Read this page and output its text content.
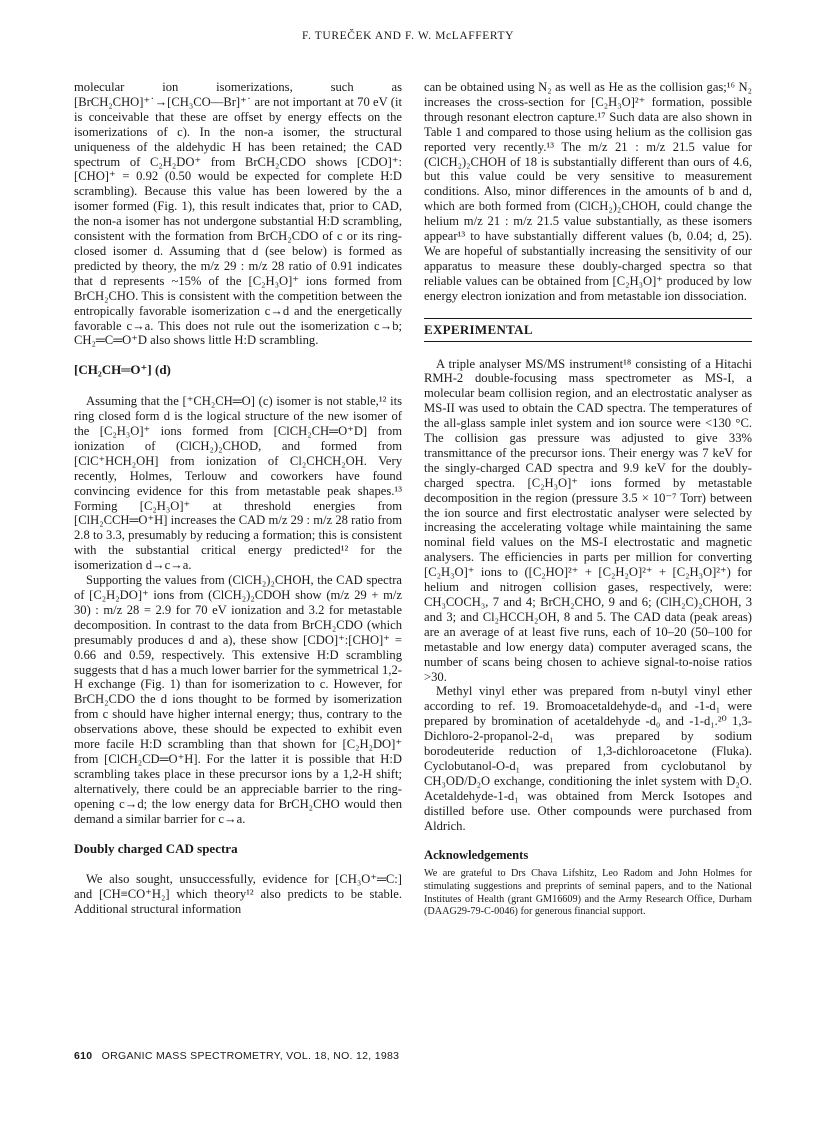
F. TUREČEK AND F. W. McLAFFERTY

molecular ion isomerizations, such as [BrCH₂CHO]⁺˙→[CH₃CO—Br]⁺˙ are not important at 70 eV (it is conceivable that these are offset by energy effects on the isomerizations of c). In the non-a isomer, the structural uniqueness of the aldehydic H has been retained; the CAD spectrum of C₂H₂DO⁺ from BrCH₂CDO shows [CDO]⁺:[CHO]⁺ = 0.92 (0.50 would be expected for complete H:D scrambling). Because this value has been lowered by the a isomer formed (Fig. 1), this result indicates that, prior to CAD, the non-a isomer has not undergone substantial H:D scrambling, consistent with the formation from BrCH₂CDO of c or its ring-closed isomer d. Assuming that d (see below) is formed as predicted by theory, the m/z 29 : m/z 28 ratio of 0.91 indicates that d represents ~15% of the [C₂H₃O]⁺ ions formed from BrCH₂CHO. This is consistent with the competition between the entropically favorable isomerization c→d and the energetically favorable c→a. This does not rule out the isomerization c→b; CH₂═C═O⁺D also shows little H:D scrambling.

[CH₂CH═O⁺] (d)

Assuming that the [⁺CH₂CH═O] (c) isomer is not stable,¹² its ring closed form d is the logical structure of the new isomer of the [C₂H₃O]⁺ ions formed from [ClCH₂CH═O⁺D] from ionization of (ClCH₂)₂CHOD, and formed from [ClC⁺HCH₂OH] from ionization of Cl₂CHCH₂OH. Very recently, Holmes, Terlouw and coworkers have found convincing evidence for this from metastable peak shapes.¹³ Forming [C₂H₃O]⁺ at threshold energies from [ClH₂CCH═O⁺H] increases the CAD m/z 29 : m/z 28 ratio from 2.8 to 3.3, presumably by reducing a formation; this is consistent with the substantial critical energy predicted¹² for the isomerization d→c→a.

Supporting the values from (ClCH₂)₂CHOH, the CAD spectra of [C₂H₂DO]⁺ ions from (ClCH₂)₂CDOH show (m/z 29 + m/z 30) : m/z 28 = 2.9 for 70 eV ionization and 3.2 for metastable decomposition. In contrast to the data from BrCH₂CDO (which presumably produces d and a), these show [CDO]⁺:[CHO]⁺ = 0.66 and 0.59, respectively. This extensive H:D scrambling suggests that d has a much lower barrier for the symmetrical 1,2-H exchange (Fig. 1) than for isomerization to c. However, for BrCH₂CDO the d ions thought to be formed by isomerization from c should have higher internal energy; thus, contrary to the observations above, these should be expected to exhibit even more facile H:D scrambling than that shown for [C₂H₂DO]⁺ from [ClCH₂CD═O⁺H]. For the latter it is possible that H:D scrambling takes place in these precursor ions by a 1,2-H shift; alternatively, there could be an appreciable barrier to the ring-opening c→d; the low energy data for BrCH₂CHO would then demand a similar barrier for c→a.

Doubly charged CAD spectra

We also sought, unsuccessfully, evidence for [CH₃O⁺═C:] and [CH≡CO⁺H₂] which theory¹² also predicts to be stable. Additional structural information

can be obtained using N₂ as well as He as the collision gas;¹⁶ N₂ increases the cross-section for [C₂H₃O]²⁺ formation, possible through resonant electron capture.¹⁷ Such data are also shown in Table 1 and compared to those using helium as the collision gas reported very recently.¹³ The m/z 21 : m/z 21.5 value for (ClCH₂)₂CHOH of 18 is substantially different than ours of 4.6, but this value could be very sensitive to measurement conditions. Also, minor differences in the amounts of b and d, which are both formed from (ClCH₂)₂CHOH, could change the helium m/z 21 : m/z 21.5 value substantially, as these isomers appear¹³ to have substantially different values (b, 0.04; d, 25). We are hopeful of substantially increasing the sensitivity of our apparatus to measure these doubly-charged spectra so that reliable values can be obtained from [C₂H₃O]⁺ produced by low energy electron ionization and from metastable ion dissociation.

EXPERIMENTAL

A triple analyser MS/MS instrument¹⁸ consisting of a Hitachi RMH-2 double-focusing mass spectrometer as MS-I, a molecular beam collision region, and an electrostatic analyser as MS-II was used to obtain the CAD spectra. The temperatures of the all-glass sample inlet system and ion source were <130 °C. The collision gas pressure was adjusted to give 33% transmittance of the precursor ions. Their energy was 7 keV for the singly-charged CAD spectra and 9.9 keV for the doubly-charged spectra. [C₂H₃O]⁺ ions formed by metastable decomposition in the region (pressure 3.5 × 10⁻⁷ Torr) between the ion source and first electrostatic analyser were selected by increasing the accelerating voltage while maintaining the same nominal field values on the MS-I electrostatic and magnetic analysers. The efficiencies in parts per million for converting [C₂H₃O]⁺ ions to ([C₂HO]²⁺ + [C₂H₂O]²⁺ + [C₂H₃O]²⁺) for helium and nitrogen collision gases, respectively, were: CH₃COCH₃, 7 and 4; BrCH₂CHO, 9 and 6; (ClH₂C)₂CHOH, 3 and 3; and Cl₂HCCH₂OH, 8 and 5. The CAD data (peak areas) are an average of at least five runs, each of 10–20 (50–100 for metastable and low energy data) computer averaged scans, the number of scans being chosen to achieve signal-to-noise ratios >30.

Methyl vinyl ether was prepared from n-butyl vinyl ether according to ref. 19. Bromoacetaldehyde-d₀ and -1-d₁ were prepared by bromination of acetaldehyde -d₀ and -1-d₁.²⁰ 1,3-Dichloro-2-propanol-2-d₁ was prepared by sodium borodeuteride reduction of 1,3-dichloroacetone (Fluka). Cyclobutanol-O-d₁ was prepared from cyclobutanol by CH₃OD/D₂O exchange, conditioning the inlet system with D₂O. Acetaldehyde-1-d₁ was obtained from Merck Isotopes and distilled before use. Other compounds were purchased from Aldrich.

Acknowledgements
We are grateful to Drs Chava Lifshitz, Leo Radom and John Holmes for stimulating suggestions and preprints of seminal papers, and to the National Institutes of Health (grant GM16609) and the Army Research Office, Durham (DAAG29-79-C-0046) for generous financial support.
610 ORGANIC MASS SPECTROMETRY, VOL. 18, NO. 12, 1983
